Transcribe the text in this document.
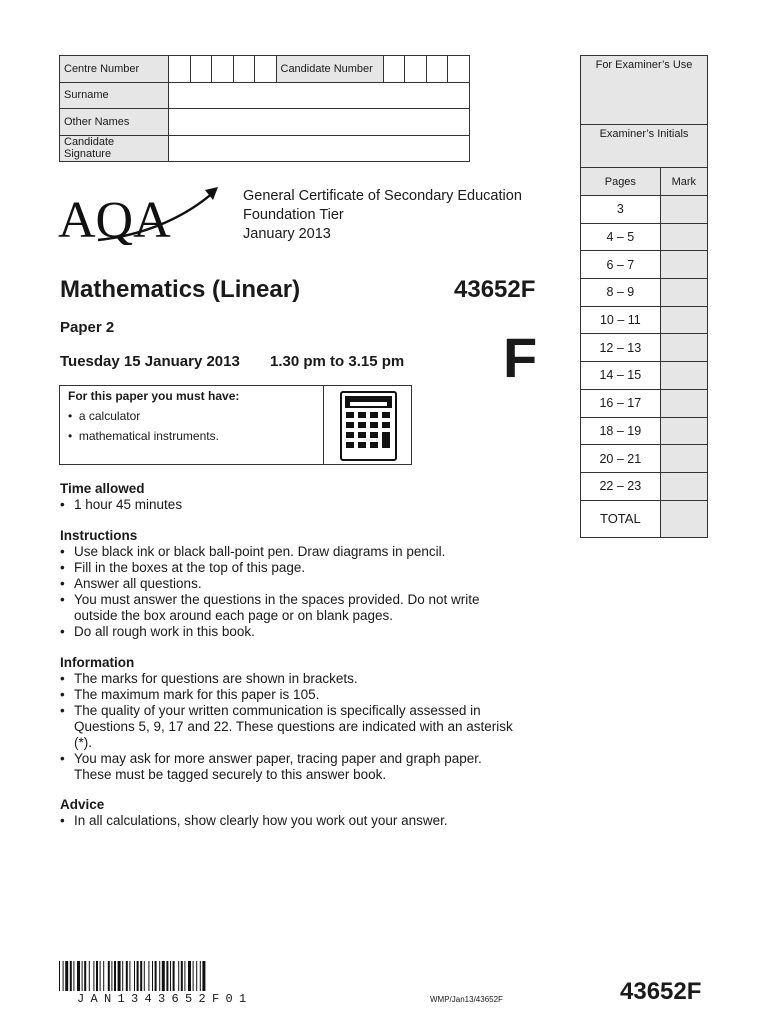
Centre Number						Candidate Number				
Surname										
Other Names										
Candidate Signature										
For Examiner’s Use
Examiner’s Initials
Pages	Mark
3	
4 – 5	
6 – 7	
8 – 9	
10 – 11	
12 – 13	
14 – 15	
16 – 17	
18 – 19	
20 – 21	
22 – 23	
TOTAL	
AQA	General Certificate of Secondary Education
Foundation Tier
January 2013
Mathematics (Linear)	43652F
Paper 2
Tuesday 15 January 2013 1.30 pm to 3.15 pm F
For this paper you must have:
•  a calculator
•  mathematical instruments.
Time allowed
• 1 hour 45 minutes
Instructions
• Use black ink or black ball-point pen. Draw diagrams in pencil.
• Fill in the boxes at the top of this page.
• Answer all questions.
• You must answer the questions in the spaces provided. Do not write outside the box around each page or on blank pages.
• Do all rough work in this book.
Information
• The marks for questions are shown in brackets.
• The maximum mark for this paper is 105.
• The quality of your written communication is specifically assessed in Questions 5, 9, 17 and 22. These questions are indicated with an asterisk (*).
• You may ask for more answer paper, tracing paper and graph paper. These must be tagged securely to this answer book.
Advice
• In all calculations, show clearly how you work out your answer.
JAN1343652F01	WMP/Jan13/43652F	43652F
